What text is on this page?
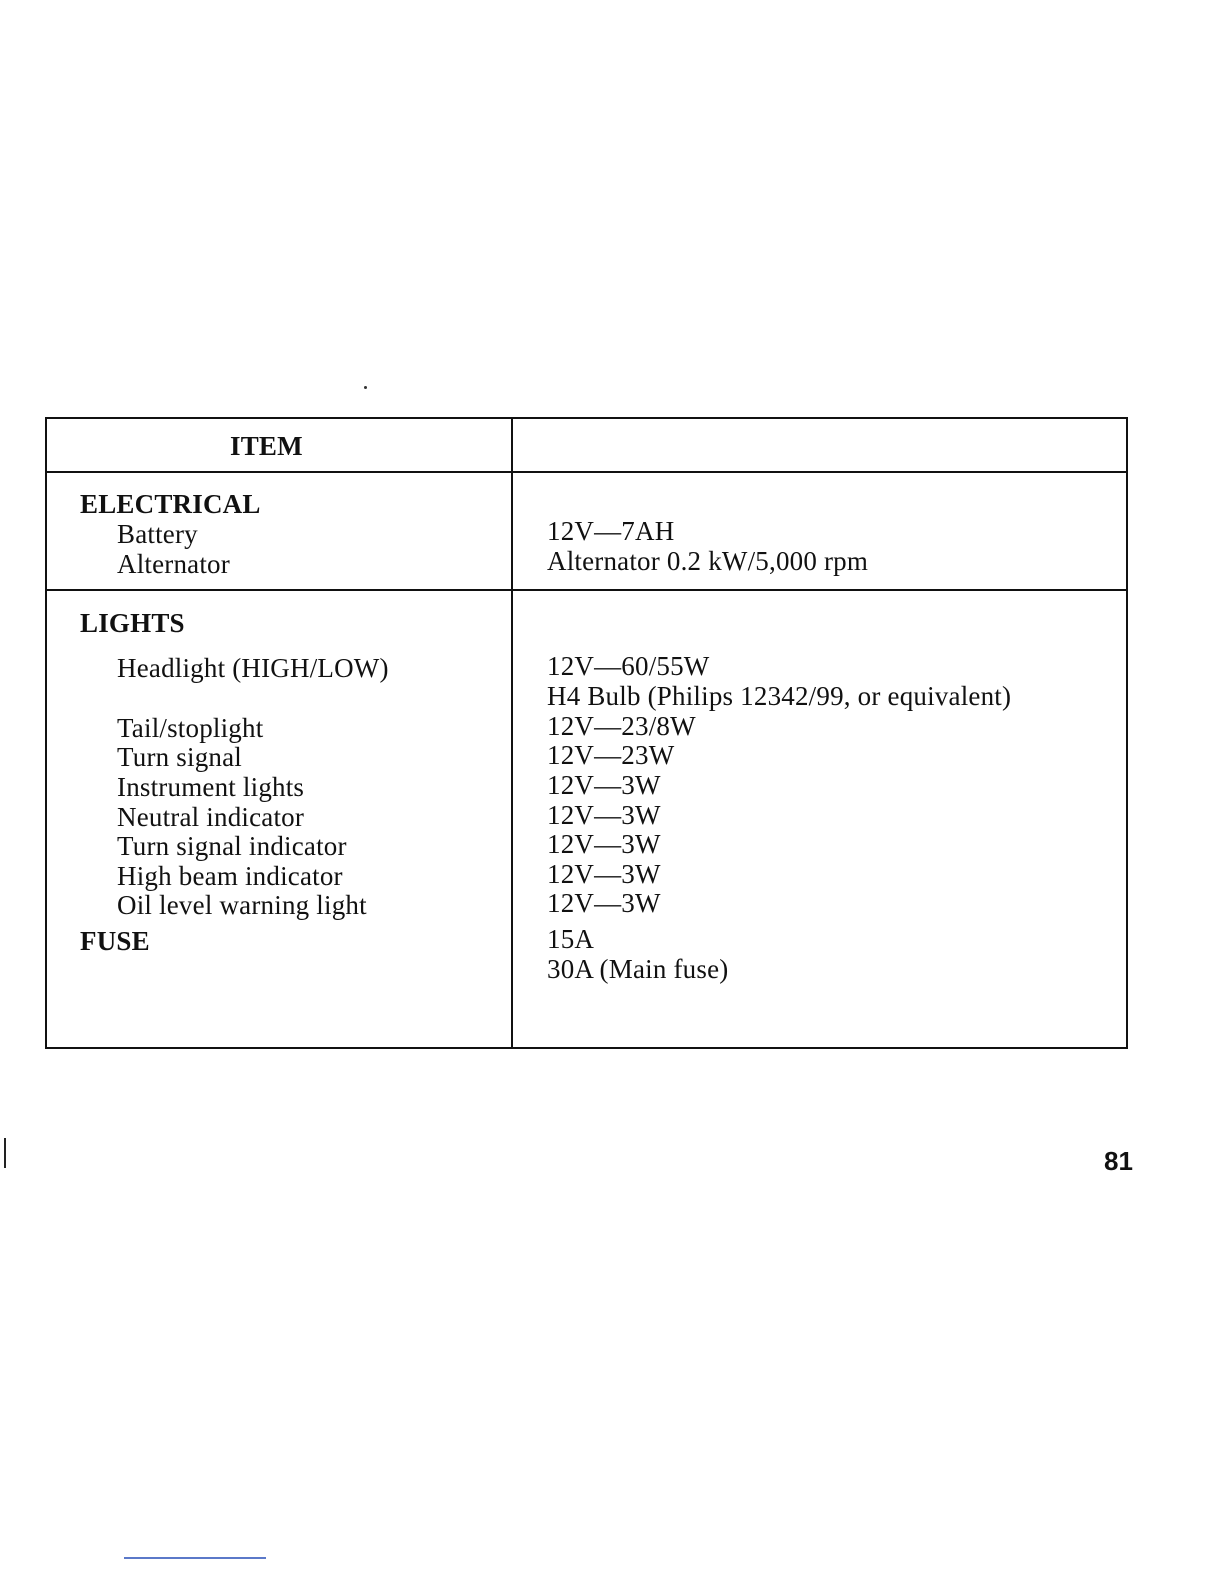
ITEM
ELECTRICAL
Battery	12V—7AH
Alternator	Alternator 0.2 kW/5,000 rpm
LIGHTS
Headlight (HIGH/LOW)	12V—60/55W
H4 Bulb (Philips 12342/99, or equivalent)
Tail/stoplight	12V—23/8W
Turn signal	12V—23W
Instrument lights	12V—3W
Neutral indicator	12V—3W
Turn signal indicator	12V—3W
High beam indicator	12V—3W
Oil level warning light	12V—3W
FUSE	15A
30A (Main fuse)
81
